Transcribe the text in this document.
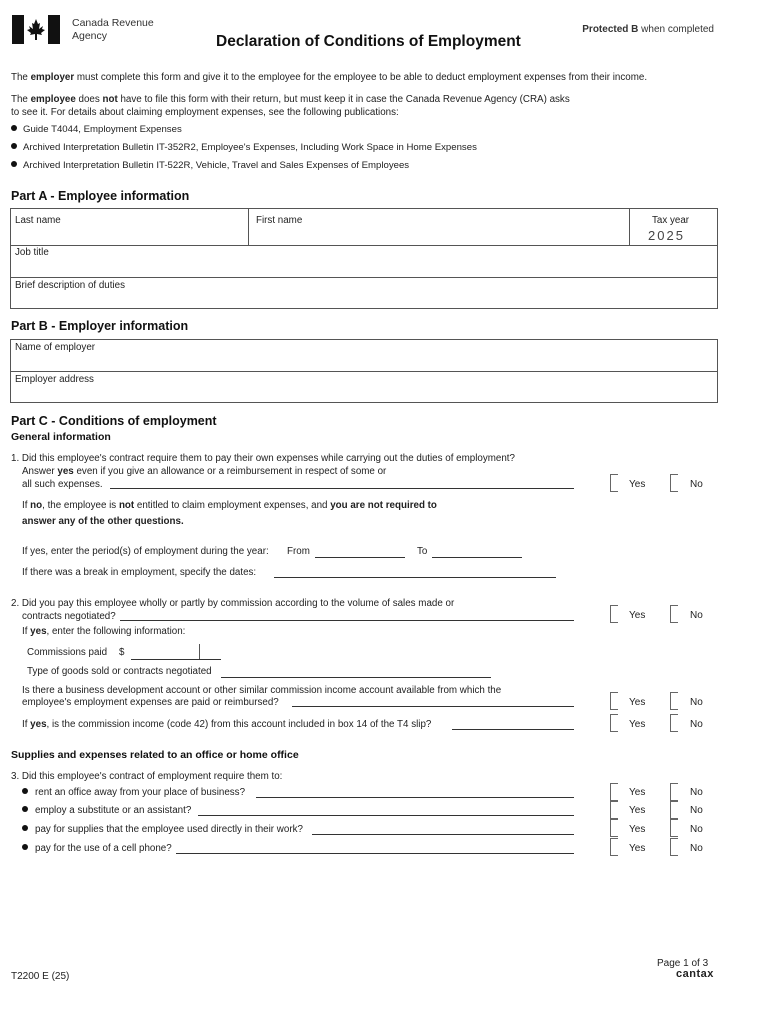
Canada Revenue
Agency	Declaration of Conditions of Employment
Protected B when completed
The employer must complete this form and give it to the employee for the employee to be able to deduct employment expenses from their income.
The employee does not have to file this form with their return, but must keep it in case the Canada Revenue Agency (CRA) asks
to see it. For details about claiming employment expenses, see the following publications:
Guide T4044, Employment Expenses
Archived Interpretation Bulletin IT-352R2, Employee's Expenses, Including Work Space in Home Expenses
Archived Interpretation Bulletin IT-522R, Vehicle, Travel and Sales Expenses of Employees
Part A - Employee information
Last name	First name	Tax year
2025
Job title
Brief description of duties
Part B - Employer information
Name of employer
Employer address
Part C - Conditions of employment
General information
1. Did this employee's contract require them to pay their own expenses while carrying out the duties of employment?
Answer yes even if you give an allowance or a reimbursement in respect of some or
all such expenses.	Yes	No
If no, the employee is not entitled to claim employment expenses, and you are not required to
answer any of the other questions.
If yes, enter the period(s) of employment during the year: From	To
If there was a break in employment, specify the dates:
2. Did you pay this employee wholly or partly by commission according to the volume of sales made or
contracts negotiated?	Yes	No
If yes, enter the following information:
Commissions paid $
Type of goods sold or contracts negotiated
Is there a business development account or other similar commission income account available from which the
employee's employment expenses are paid or reimbursed?	Yes	No
If yes, is the commission income (code 42) from this account included in box 14 of the T4 slip?	Yes	No
Supplies and expenses related to an office or home office
3. Did this employee's contract of employment require them to:
rent an office away from your place of business?	Yes	No
employ a substitute or an assistant?	Yes	No
pay for supplies that the employee used directly in their work?	Yes	No
pay for the use of a cell phone?	Yes	No
T2200 E (25)
Page 1 of 3
cantax
